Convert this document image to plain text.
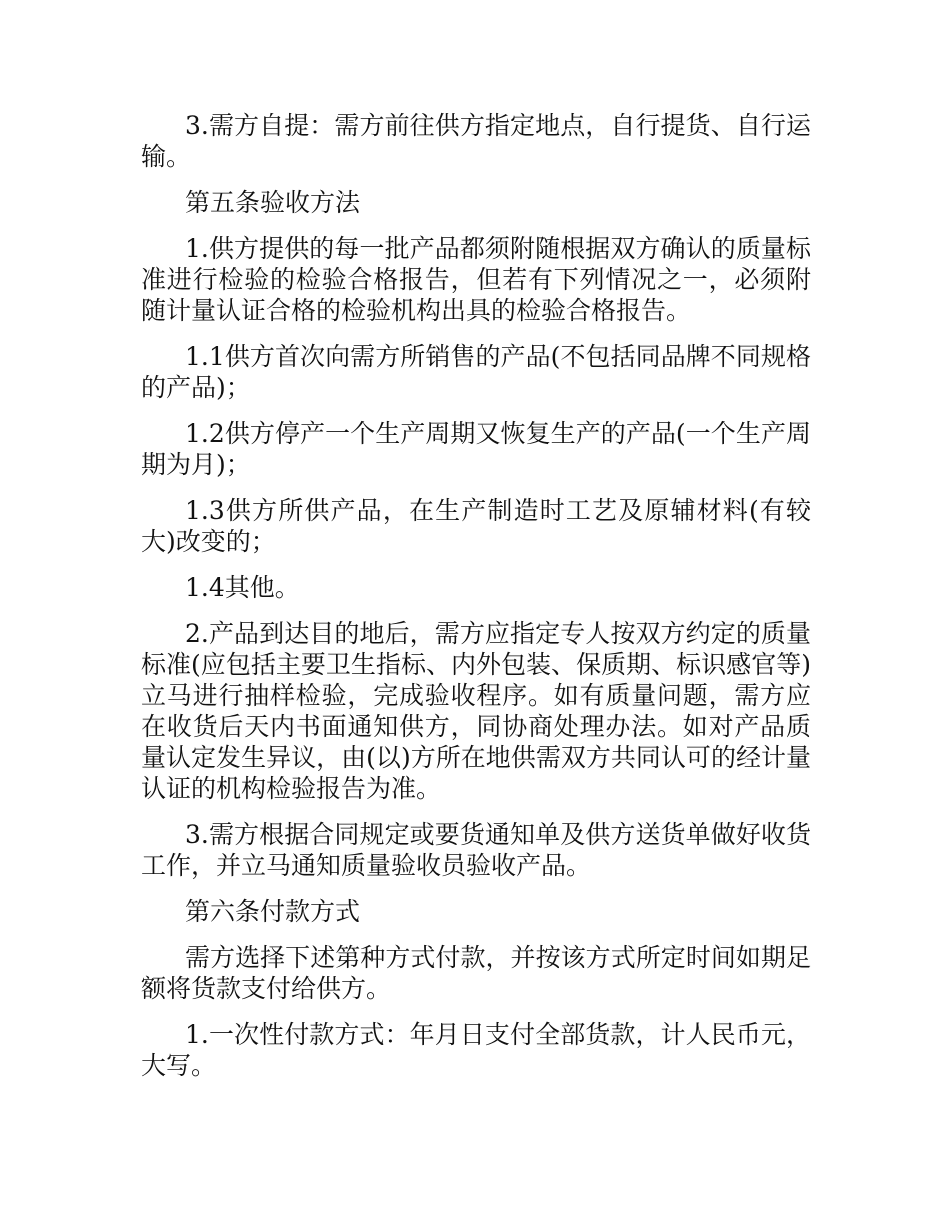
3.需方自提：需方前往供方指定地点，自行提货、自行运输。

第五条验收方法

1.供方提供的每一批产品都须附随根据双方确认的质量标准进行检验的检验合格报告，但若有下列情况之一，必须附随计量认证合格的检验机构出具的检验合格报告。

1.1供方首次向需方所销售的产品(不包括同品牌不同规格的产品)；

1.2供方停产一个生产周期又恢复生产的产品(一个生产周期为月)；

1.3供方所供产品，在生产制造时工艺及原辅材料(有较大)改变的；

1.4其他。

2.产品到达目的地后，需方应指定专人按双方约定的质量标准(应包括主要卫生指标、内外包装、保质期、标识感官等)立马进行抽样检验，完成验收程序。如有质量问题，需方应在收货后天内书面通知供方，同协商处理办法。如对产品质量认定发生异议，由(以)方所在地供需双方共同认可的经计量认证的机构检验报告为准。

3.需方根据合同规定或要货通知单及供方送货单做好收货工作，并立马通知质量验收员验收产品。

第六条付款方式

需方选择下述第种方式付款，并按该方式所定时间如期足额将货款支付给供方。

1.一次性付款方式：年月日支付全部货款，计人民币元，大写。
